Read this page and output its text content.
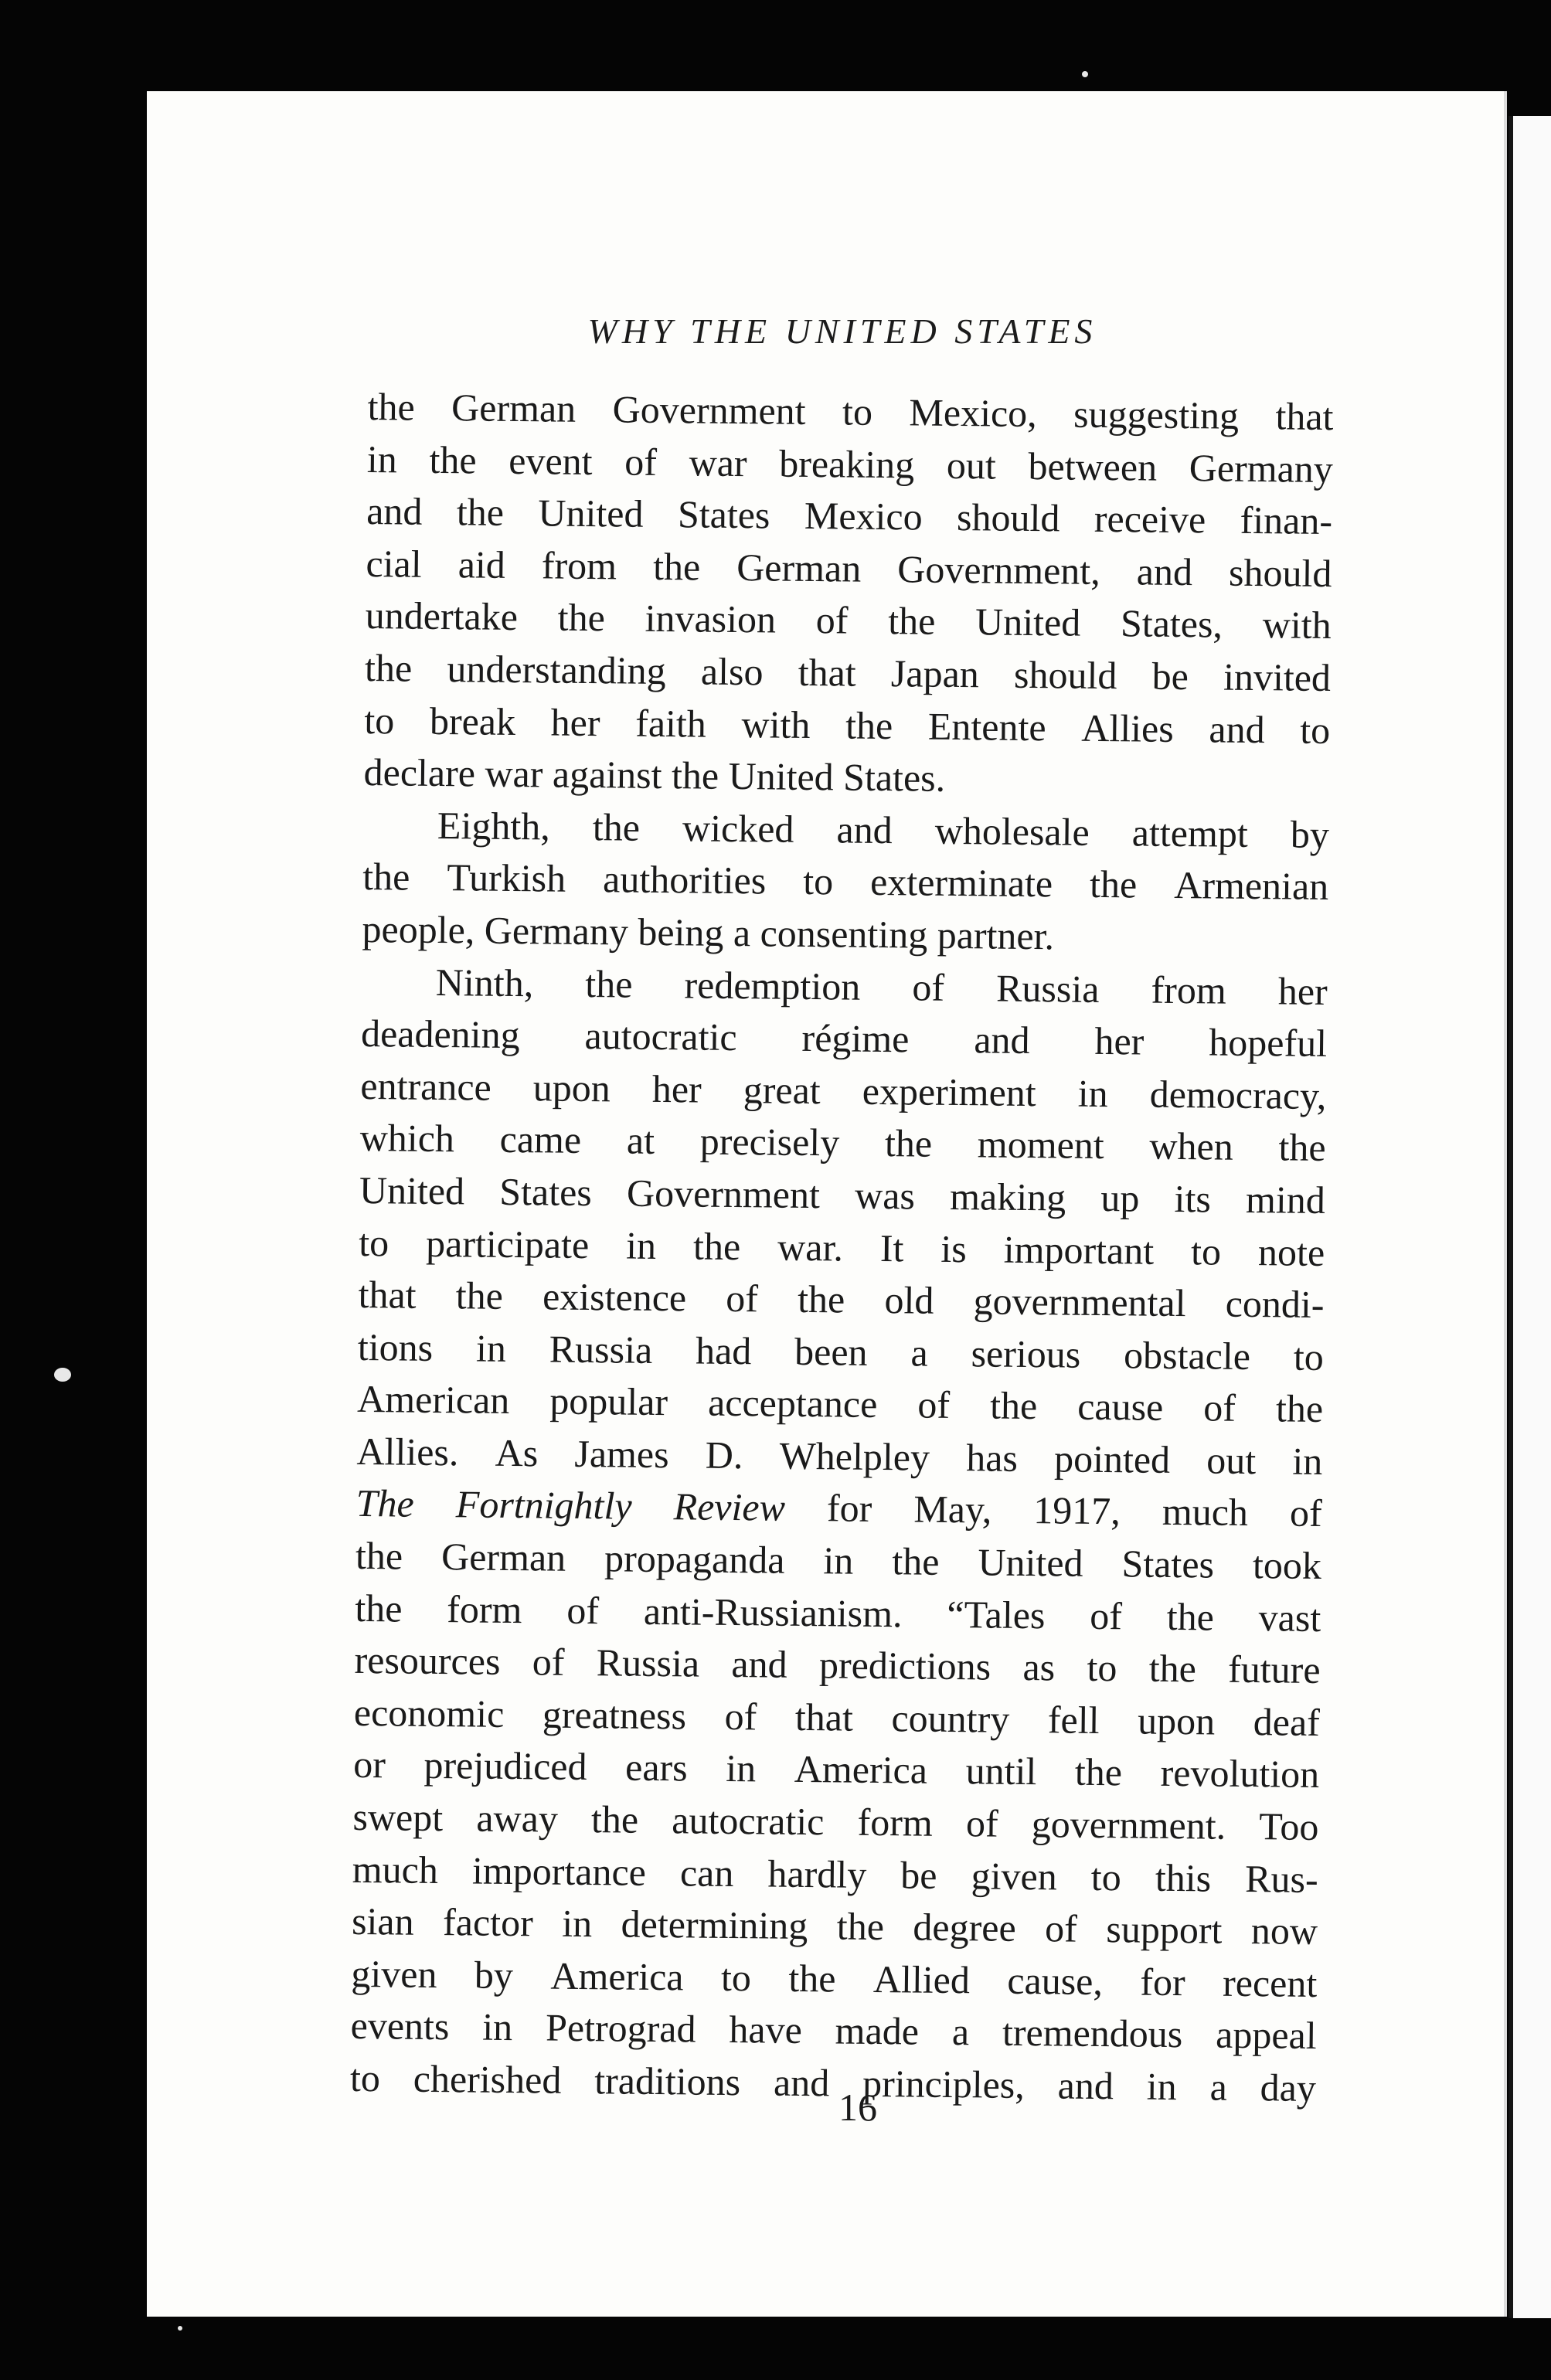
WHY THE UNITED STATES
the German Government to Mexico, suggesting that
in the event of war breaking out between Germany
and the United States Mexico should receive finan-
cial aid from the German Government, and should
undertake the invasion of the United States, with
the understanding also that Japan should be invited
to break her faith with the Entente Allies and to
declare war against the United States.
Eighth, the wicked and wholesale attempt by
the Turkish authorities to exterminate the Armenian
people, Germany being a consenting partner.
Ninth, the redemption of Russia from her
deadening autocratic régime and her hopeful
entrance upon her great experiment in democracy,
which came at precisely the moment when the
United States Government was making up its mind
to participate in the war. It is important to note
that the existence of the old governmental condi-
tions in Russia had been a serious obstacle to
American popular acceptance of the cause of the
Allies. As James D. Whelpley has pointed out in
The Fortnightly Review for May, 1917, much of
the German propaganda in the United States took
the form of anti-Russianism. “Tales of the vast
resources of Russia and predictions as to the future
economic greatness of that country fell upon deaf
or prejudiced ears in America until the revolution
swept away the autocratic form of government. Too
much importance can hardly be given to this Rus-
sian factor in determining the degree of support now
given by America to the Allied cause, for recent
events in Petrograd have made a tremendous appeal
to cherished traditions and principles, and in a day
16
